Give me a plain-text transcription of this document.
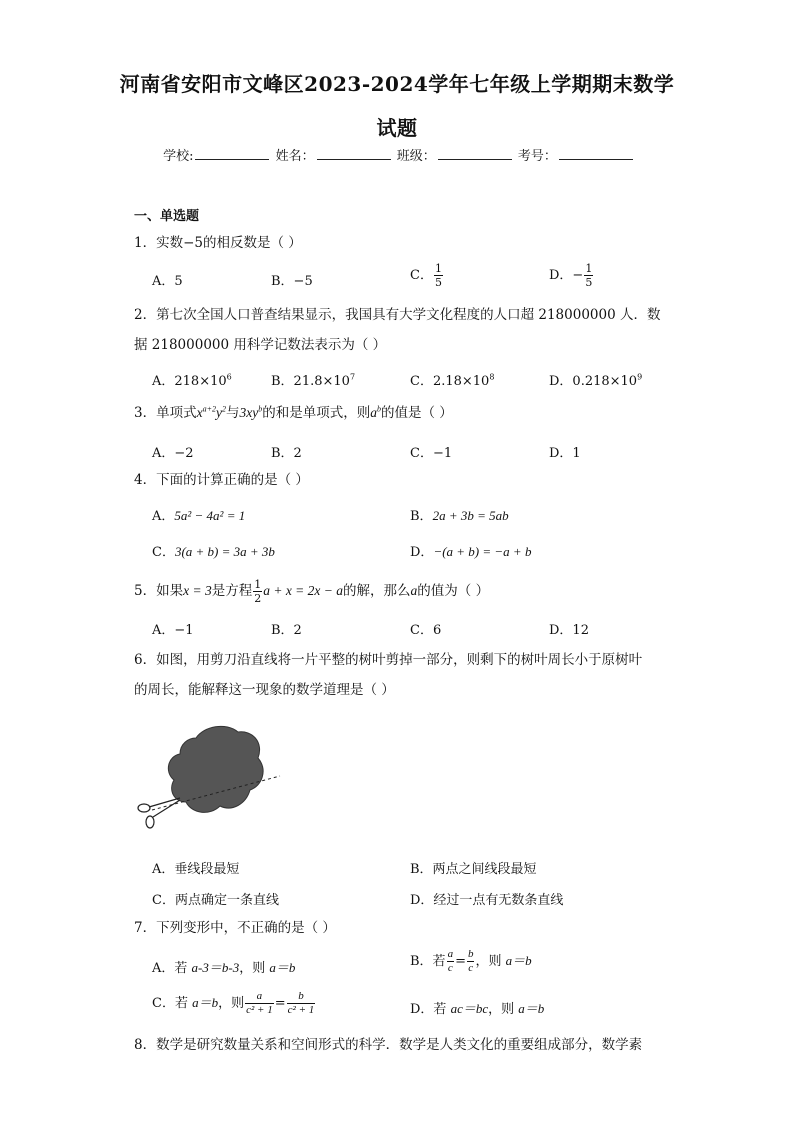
河南省安阳市文峰区2023-2024学年七年级上学期期末数学
试题
学校:	姓名：	班级：	考号：
一、单选题
1．实数−5的相反数是（ ）
A．5	B．−5	C． $\frac{1}{5}$	D．− $\frac{1}{5}$
2．第七次全国人口普查结果显示，我国具有大学文化程度的人口超 218000000 人．数
据 218000000 用科学记数法表示为（ ）
A．$218\times 10^6$	B．$21.8\times 10^7$	C．$2.18\times 10^8$	D．$0.218\times 10^9$
3．单项式$x^{a+2}y^2$与$3xy^b$的和是单项式，则$a^b$的值是（ ）
A．−2	B．2	C．−1	D．1
4．下面的计算正确的是（ ）
A．5a² − 4a² = 1	B．2a + 3b = 5ab
C．3(a + b) = 3a + 3b	D．−(a + b) = −a + b
5．如果x = 3是方程 $\frac{1}{2}$ a + x = 2x − a的解，那么a的值为（ ）
A．−1	B．2	C．6	D．12
6．如图，用剪刀沿直线将一片平整的树叶剪掉一部分，则剩下的树叶周长小于原树叶
的周长，能解释这一现象的数学道理是（ ）
A．垂线段最短	B．两点之间线段最短
C．两点确定一条直线	D．经过一点有无数条直线
7．下列变形中，不正确的是（ ）
A．若 a-3＝b-3，则 a＝b	B．若 $\frac{a}{c} = \frac{b}{c}$ ，则 a＝b
C．若 a＝b，则 $\frac{a}{\text{c² + 1}} = \frac{b}{\text{c² + 1}}$	D．若 ac＝bc，则 a＝b
8．数学是研究数量关系和空间形式的科学．数学是人类文化的重要组成部分，数学素
